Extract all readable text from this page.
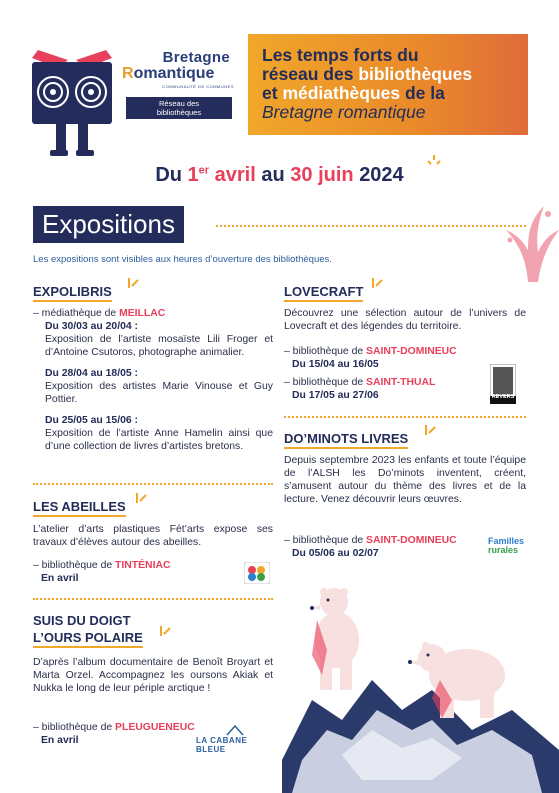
Bretagne
Romantique
COMMUNAUTÉ DE COMMUNES
Réseau des
bibliothèques
Les temps forts du
réseau des bibliothèques
et médiathèques de la
Bretagne romantique
Du 1er avril au 30 juin 2024
Expositions
Les expositions sont visibles aux heures d’ouverture des bibliothèques.
EXPOLIBRIS
– médiathèque de MEILLAC
Du 30/03 au 20/04 :
Exposition de l’artiste mosaïste Lili Froger et d’Antoine Csutoros, photographe animalier.
Du 28/04 au 18/05 :
Exposition des artistes Marie Vinouse et Guy Pottier.
Du 25/05 au 15/06 :
Exposition de l’artiste Anne Hamelin ainsi que d’une collection de livres d’artistes bretons.
LES ABEILLES
L’atelier d’arts plastiques Fét’arts expose ses travaux d’élèves autour des abeilles.
– bibliothèque de TINTÉNIAC
En avril
SUIS DU DOIGT
L’OURS POLAIRE
D’après l’album documentaire de Benoît Broyart et Marta Orzel. Accompagnez les oursons Akiak et Nukka le long de leur périple arctique !
– bibliothèque de PLEUGUENEUC
En avril	LA CABANE BLEUE
LOVECRAFT
Découvrez une sélection autour de l’univers de Lovecraft et des légendes du territoire.
– bibliothèque de SAINT-DOMINEUC
Du 15/04 au 16/05
– bibliothèque de SAINT-THUAL
Du 17/05 au 27/06	REVERS
DO’MINOTS LIVRES
Depuis septembre 2023 les enfants et toute l’équipe de l’ALSH les Do’minots inventent, créent, s’amusent autour du thème des livres et de la lecture. Venez découvrir leurs œuvres.
– bibliothèque de SAINT-DOMINEUC
Du 05/06 au 02/07
Familles
rurales
